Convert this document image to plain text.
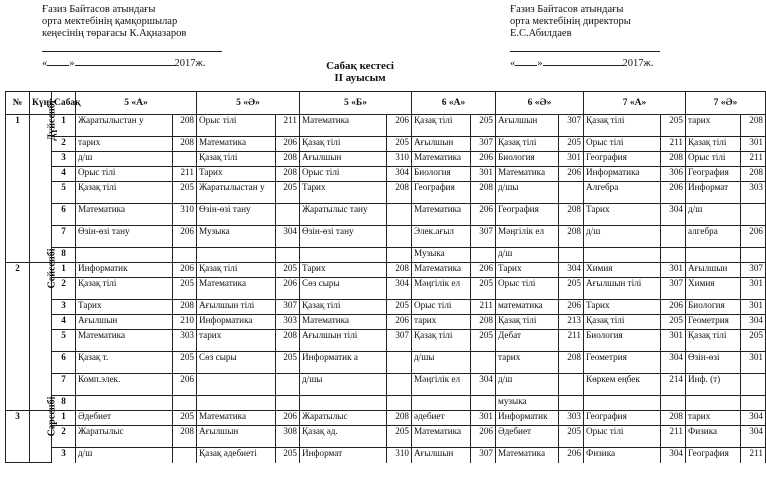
Ғазиз Байтасов атындағы
орта мектебінің қамқоршылар
кеңесінің төрағасы К.Ақназаров
« »	2017ж.
Ғазиз Байтасов атындағы
орта мектебінің директоры
Е.С.Абилдаев
« »	2017ж.
Сабақ кестесі
II ауысым
№	Күні	Сабақ	5 «А»		5 «Ә»		5 «Б»		6 «А»		6 «Ә»		7 «А»		7 «Ә»	
1	Дүйсенбі	1	Жаратылыстан у	208	Орыс тілі	211	Математика	206	Қазақ тілі	205	Ағылшын	307	Қазақ тілі	205	тарих	208
		2	тарих	208	Математика	206	Қазақ тілі	205	Ағылшын	307	Қазақ тілі	205	Орыс тілі	211	Қазақ тілі	301
		3	д/ш		Қазақ тілі	208	Ағылшын	310	Математика	206	Биология	301	География	208	Орыс тілі	211
		4	Орыс тілі	211	Тарих	208	Орыс тілі	304	Биология	301	Математика	206	Информатика	306	География	208
		5	Қазақ тілі	205	Жаратылыстан у	205	Тарих	208	География	208	д/шы		Алгебра	206	Информат	303
		6	Математика	310	Өзін-өзі тану		Жаратылыс тану		Математика	206	География	208	Тарих	304	д/ш	
		7	Өзін-өзі тану	206	Музыка	304	Өзін-өзі тану		Элек.ағыл	307	Мәңгілік ел	208	д/ш		алгебра	206
		8							Музыка		д/ш					
2	Сейсенбі	1	Информатик	206	Қазақ тілі	205	Тарих	208	Математика	206	Тарих	304	Химия	301	Ағылшын	307
		2	Қазақ тілі	205	Математика	206	Сөз сыры	304	Мәңгілік ел	205	Орыс тілі	205	Ағылшын тілі	307	Химия	301
		3	Тарих	208	Ағылшын тілі	307	Қазақ тілі	205	Орыс тілі	211	математика	206	Тарих	206	Биология	301
		4	Ағылшын	210	Информатика	303	Математика	206	тарих	208	Қазақ тілі	213	Қазақ тілі	205	Геометрия	304
		5	Математика	303	тарих	208	Ағылшын тілі	307	Қазақ тілі	205	Дебат	211	Биология	301	Қазақ тілі	205
		6	Қазақ т.	205	Сөз сыры	205	Информатик а		д/шы		тарих	208	Геометрия	304	Өзін-өзі	301
		7	Комп.элек.	206			д/шы		Мәңгілік ел	304	д/ш		Көркем еңбек	214	Инф. (т)	
		8									музыка					
3	Сәрсенбі	1	Әдебиет	205	Математика	206	Жаратылыс	208	әдебиет	301	Информатик	303	География	208	тарих	304
		2	Жаратылыс	208	Ағылшын	308	Қазақ әд.	205	Математика	206	Әдебиет	205	Орыс тілі	211	Физика	304
		3	д/ш		Қазақ әдебиеті	205	Информат	310	Ағылшын	307	Математика	206	Физика	304	География	211
